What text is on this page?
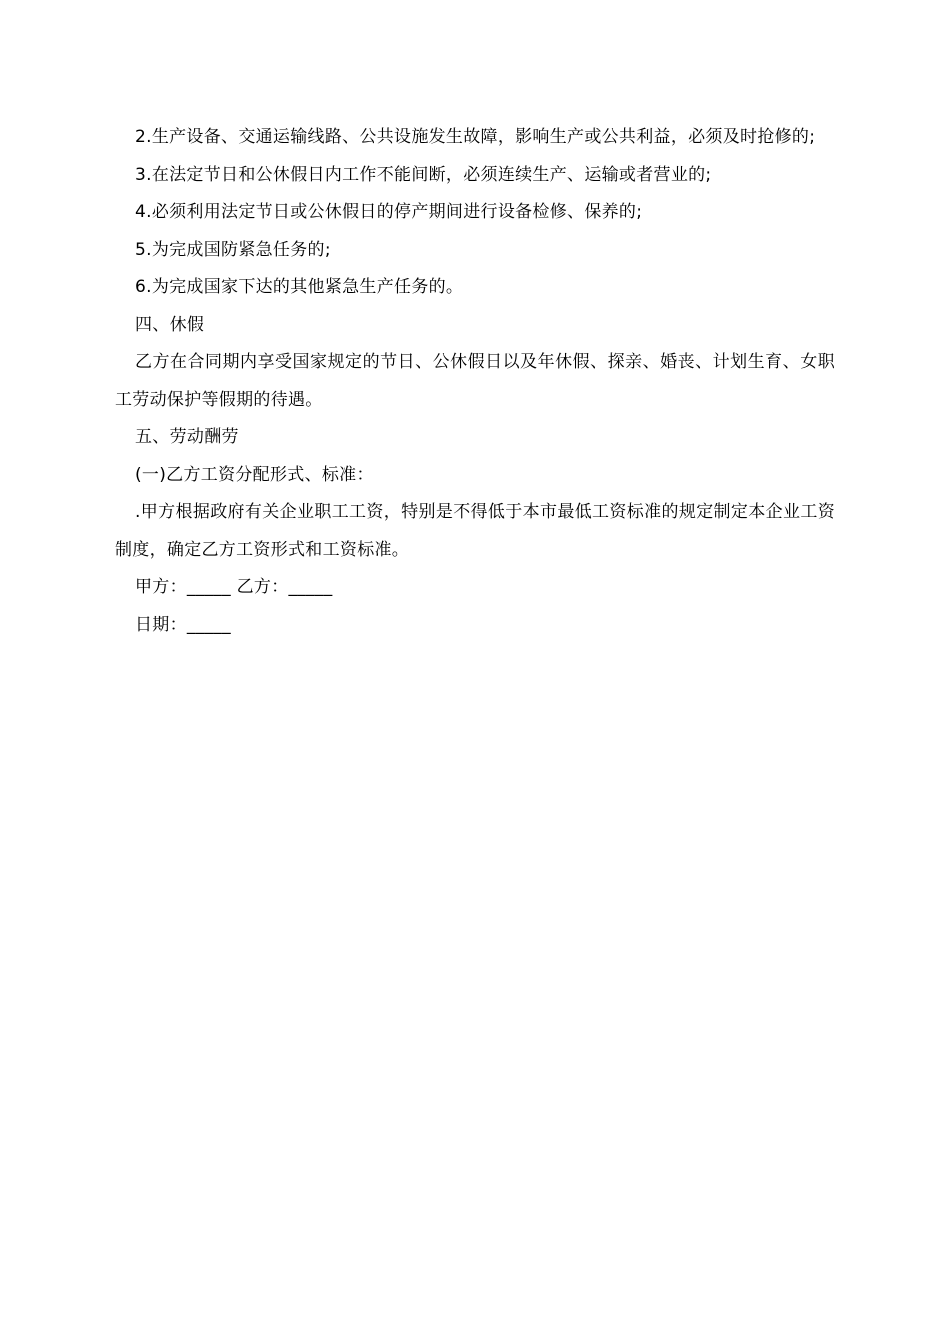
2.生产设备、交通运输线路、公共设施发生故障，影响生产或公共利益，必须及时抢修的;

3.在法定节日和公休假日内工作不能间断，必须连续生产、运输或者营业的;

4.必须利用法定节日或公休假日的停产期间进行设备检修、保养的;

5.为完成国防紧急任务的;

6.为完成国家下达的其他紧急生产任务的。

四、休假

乙方在合同期内享受国家规定的节日、公休假日以及年休假、探亲、婚丧、计划生育、女职工劳动保护等假期的待遇。

五、劳动酬劳

(一)乙方工资分配形式、标准：

.甲方根据政府有关企业职工工资，特别是不得低于本市最低工资标准的规定制定本企业工资制度，确定乙方工资形式和工资标准。

甲方：_____ 乙方：_____

日期：_____
